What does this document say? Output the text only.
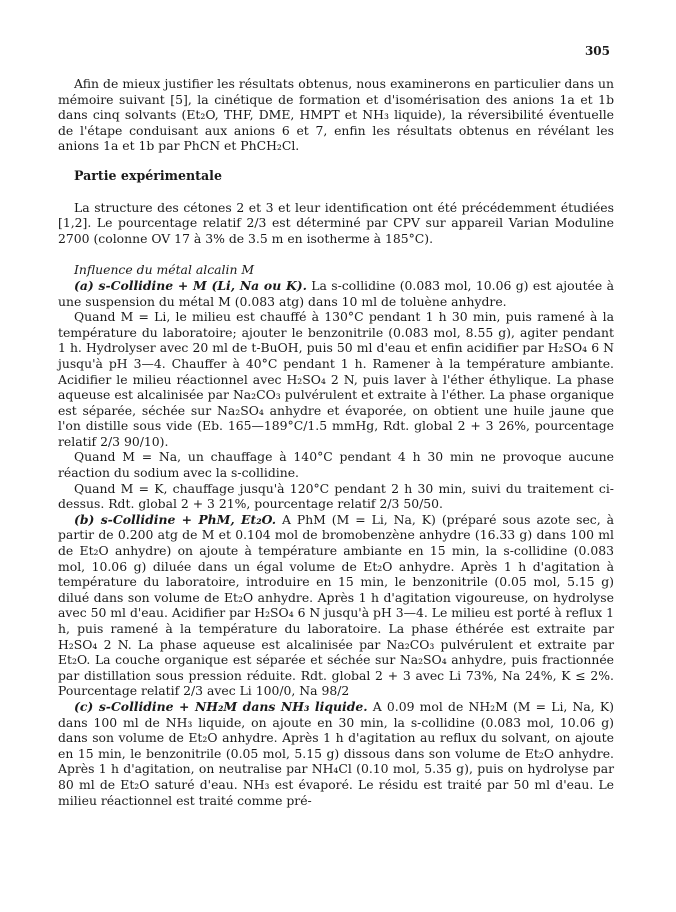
305

Afin de mieux justifier les résultats obtenus, nous examinerons en particulier dans un mémoire suivant [5], la cinétique de formation et d'isomérisation des anions 1a et 1b dans cinq solvants (Et₂O, THF, DME, HMPT et NH₃ liquide), la réversibilité éventuelle de l'étape conduisant aux anions 6 et 7, enfin les résultats obtenus en révélant les anions 1a et 1b par PhCN et PhCH₂Cl.

Partie expérimentale

La structure des cétones 2 et 3 et leur identification ont été précédemment étudiées [1,2]. Le pourcentage relatif 2/3 est déterminé par CPV sur appareil Varian Moduline 2700 (colonne OV 17 à 3% de 3.5 m en isotherme à 185°C).

Influence du métal alcalin M

(a) s-Collidine + M (Li, Na ou K). La s-collidine (0.083 mol, 10.06 g) est ajoutée à une suspension du métal M (0.083 atg) dans 10 ml de toluène anhydre.

Quand M = Li, le milieu est chauffé à 130°C pendant 1 h 30 min, puis ramené à la température du laboratoire; ajouter le benzonitrile (0.083 mol, 8.55 g), agiter pendant 1 h. Hydrolyser avec 20 ml de t-BuOH, puis 50 ml d'eau et enfin acidifier par H₂SO₄ 6 N jusqu'à pH 3—4. Chauffer à 40°C pendant 1 h. Ramener à la température ambiante. Acidifier le milieu réactionnel avec H₂SO₄ 2 N, puis laver à l'éther éthylique. La phase aqueuse est alcalinisée par Na₂CO₃ pulvérulent et extraite à l'éther. La phase organique est séparée, séchée sur Na₂SO₄ anhydre et évaporée, on obtient une huile jaune que l'on distille sous vide (Eb. 165—189°C/1.5 mmHg, Rdt. global 2 + 3 26%, pourcentage relatif 2/3 90/10).

Quand M = Na, un chauffage à 140°C pendant 4 h 30 min ne provoque aucune réaction du sodium avec la s-collidine.

Quand M = K, chauffage jusqu'à 120°C pendant 2 h 30 min, suivi du traitement ci-dessus. Rdt. global 2 + 3 21%, pourcentage relatif 2/3 50/50.

(b) s-Collidine + PhM, Et₂O. A PhM (M = Li, Na, K) (préparé sous azote sec, à partir de 0.200 atg de M et 0.104 mol de bromobenzène anhydre (16.33 g) dans 100 ml de Et₂O anhydre) on ajoute à température ambiante en 15 min, la s-collidine (0.083 mol, 10.06 g) diluée dans un égal volume de Et₂O anhydre. Après 1 h d'agitation à température du laboratoire, introduire en 15 min, le benzonitrile (0.05 mol, 5.15 g) dilué dans son volume de Et₂O anhydre. Après 1 h d'agitation vigoureuse, on hydrolyse avec 50 ml d'eau. Acidifier par H₂SO₄ 6 N jusqu'à pH 3—4. Le milieu est porté à reflux 1 h, puis ramené à la température du laboratoire. La phase éthérée est extraite par H₂SO₄ 2 N. La phase aqueuse est alcalinisée par Na₂CO₃ pulvérulent et extraite par Et₂O. La couche organique est séparée et séchée sur Na₂SO₄ anhydre, puis fractionnée par distillation sous pression réduite. Rdt. global 2 + 3 avec Li 73%, Na 24%, K ≤ 2%. Pourcentage relatif 2/3 avec Li 100/0, Na 98/2

(c) s-Collidine + NH₂M dans NH₃ liquide. A 0.09 mol de NH₂M (M = Li, Na, K) dans 100 ml de NH₃ liquide, on ajoute en 30 min, la s-collidine (0.083 mol, 10.06 g) dans son volume de Et₂O anhydre. Après 1 h d'agitation au reflux du solvant, on ajoute en 15 min, le benzonitrile (0.05 mol, 5.15 g) dissous dans son volume de Et₂O anhydre. Après 1 h d'agitation, on neutralise par NH₄Cl (0.10 mol, 5.35 g), puis on hydrolyse par 80 ml de Et₂O saturé d'eau. NH₃ est évaporé. Le résidu est traité par 50 ml d'eau. Le milieu réactionnel est traité comme pré-
